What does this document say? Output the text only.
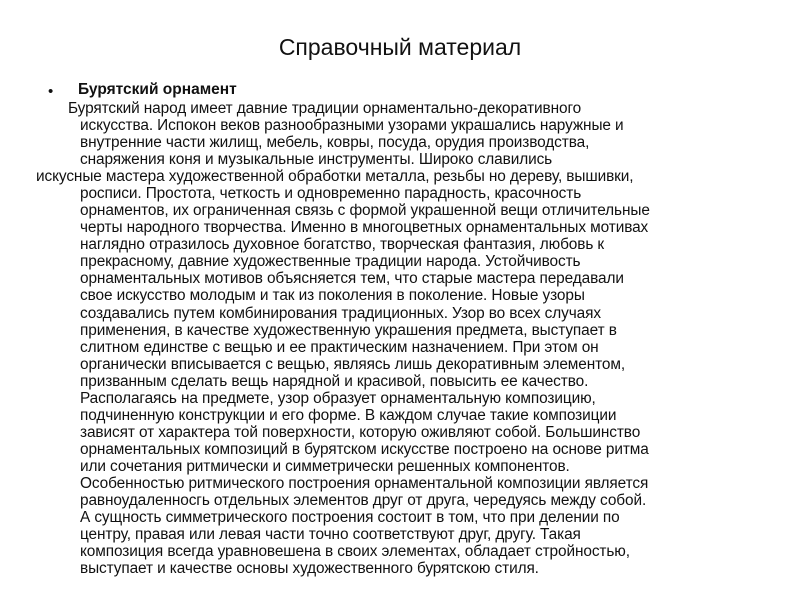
Справочный материал
• Бурятский орнамент
Бурятский народ имеет давние традиции орнаментально-декоративного
искусства. Испокон веков разнообразными узорами украшались наружные и
внутренние части жилищ, мебель, ковры, посуда, орудия производства,
снаряжения коня и музыкальные инструменты. Широко славились
искусные мастера художественной обработки металла, резьбы но дереву, вышивки,
росписи. Простота, четкость и одновременно парадность, красочность
орнаментов, их ограниченная связь с формой украшенной вещи отличительные
черты народного творчества. Именно в многоцветных орнаментальных мотивах
наглядно отразилось духовное богатство, творческая фантазия, любовь к
прекрасному, давние художественные традиции народа. Устойчивость
орнаментальных мотивов объясняется тем, что старые мастера передавали
свое искусство молодым и так из поколения в поколение. Новые узоры
создавались путем комбинирования традиционных. Узор во всех случаях
применения, в качестве художественную украшения предмета, выступает в
слитном единстве с вещью и ее практическим назначением. При этом он
органически вписывается с вещью, являясь лишь декоративным элементом,
призванным сделать вещь нарядной и красивой, повысить ее качество.
Располагаясь на предмете, узор образует орнаментальную композицию,
подчиненную конструкции и его форме. В каждом случае такие композиции
зависят от характера той поверхности, которую оживляют собой. Большинство
орнаментальных композиций в бурятском искусстве построено на основе ритма
или сочетания ритмически и симметрически решенных компонентов.
Особенностью ритмического построения орнаментальной композиции является
равноудаленносгь отдельных элементов друг от друга, чередуясь между собой.
А сущность симметрического построения состоит в том, что при делении по
центру, правая или левая части точно соответствуют друг, другу. Такая
композиция всегда уравновешена в своих элементах, обладает стройностью,
выступает и качестве основы художественного бурятскою стиля.
